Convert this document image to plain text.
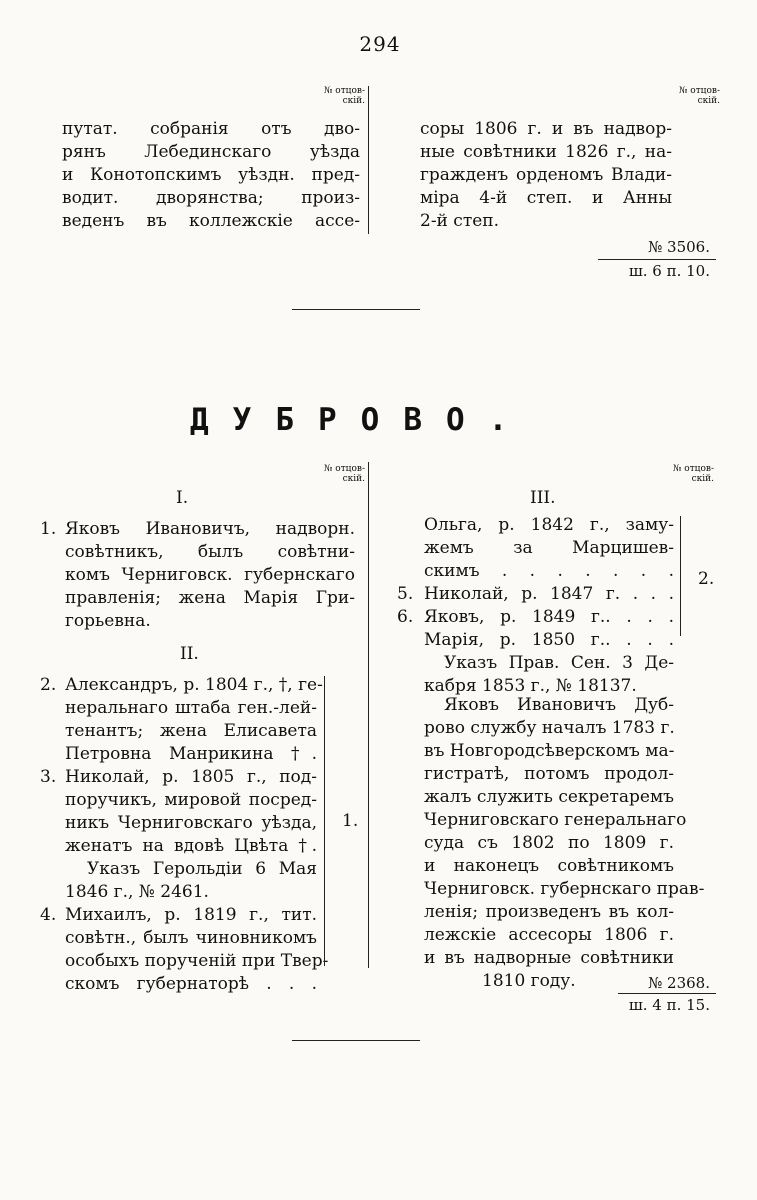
294
№ отцов-
скій.
№ отцов-
скій.
путат. собранія отъ дво-
рянъ Лебединскаго уѣзда
и Конотопскимъ уѣздн. пред-
водит. дворянства; произ-
веденъ въ коллежскіе ассе-
соры 1806 г. и въ надвор-
ные совѣтники 1826 г., на-
гражденъ орденомъ Влади-
міра 4-й степ. и Анны
2-й степ.
№ 3506.
ш. 6 п. 10.
ДУБРОВО.
№ отцов-
скій.
I.
1. Яковъ Ивановичъ, надворн.
совѣтникъ, былъ совѣтни-
комъ Черниговск. губернскаго
правленія; жена Марія Гри-
горьевна.
II.
2. Александръ, р. 1804 г., †, ге-
неральнаго штаба ген.-лей-
тенантъ; жена Елисавета
Петровна Манрикина †.
3. Николай, р. 1805 г., под-
поручикъ, мировой посред-
никъ Черниговскаго уѣзда,
женатъ на вдовѣ Цвѣта †.
Указъ Герольдіи 6 Мая
1846 г., № 2461.
4. Михаилъ, р. 1819 г., тит.
совѣтн., былъ чиновникомъ
особыхъ порученій при Твер-
скомъ губернаторѣ . . .
1.
№ отцов-
скій.
III.
Ольга, р. 1842 г., заму-
жемъ за Марцишев-
скимъ . . . . . . .
5. Николай, р. 1847 г. . . .
6. Яковъ, р. 1849 г.. . . .
Марія, р. 1850 г.. . . .
2.
Указъ Прав. Сен. 3 Де-
кабря 1853 г., № 18137.
Яковъ Ивановичъ Дуб-
рово службу началъ 1783 г.
въ Новгородсѣверскомъ ма-
гистратѣ, потомъ продол-
жалъ служить секретаремъ
Черниговскаго генеральнаго
суда съ 1802 по 1809 г.
и наконецъ совѣтникомъ
Черниговск. губернскаго прав-
ленія; произведенъ въ кол-
лежскіе ассесоры 1806 г.
и въ надворные совѣтники
1810 году.	№ 2368.
ш. 4 п. 15.
